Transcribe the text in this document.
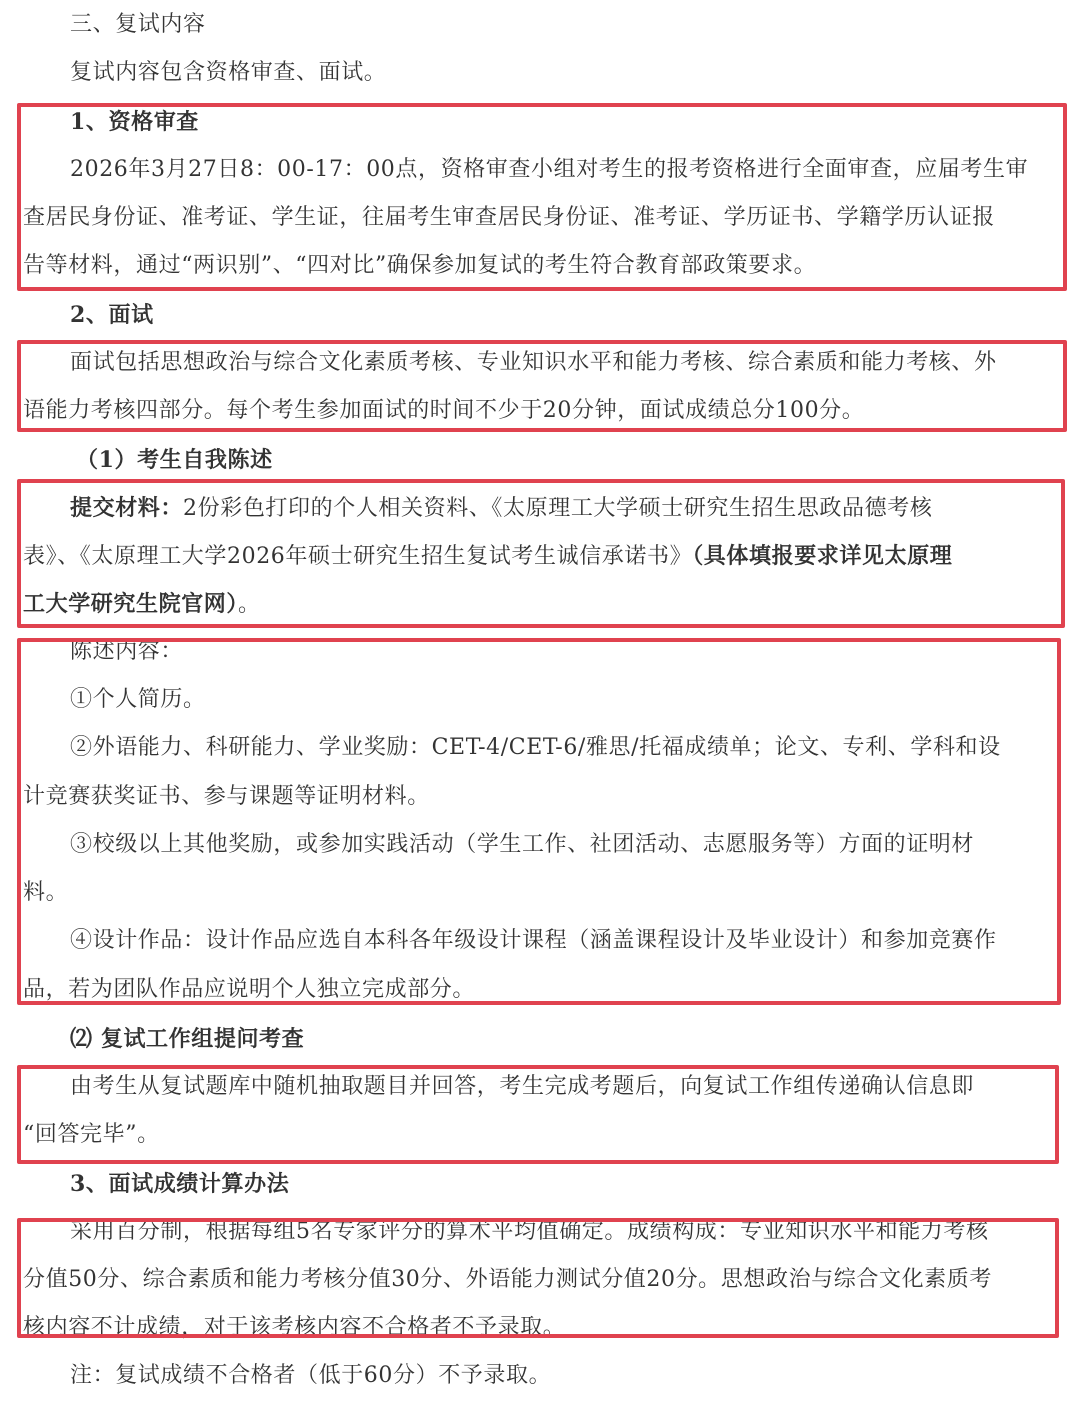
三、复试内容
复试内容包含资格审查、面试。
1、资格审查
2026年3月27日8：00-17：00点，资格审查小组对考生的报考资格进行全面审查，应届考生审
查居民身份证、准考证、学生证，往届考生审查居民身份证、准考证、学历证书、学籍学历认证报
告等材料，通过“两识别”、“四对比”确保参加复试的考生符合教育部政策要求。
2、面试
面试包括思想政治与综合文化素质考核、专业知识水平和能力考核、综合素质和能力考核、外
语能力考核四部分。每个考生参加面试的时间不少于20分钟，面试成绩总分100分。
（1）考生自我陈述
提交材料：2份彩色打印的个人相关资料、《太原理工大学硕士研究生招生思政品德考核
表》、《太原理工大学2026年硕士研究生招生复试考生诚信承诺书》（具体填报要求详见太原理
工大学研究生院官网）。
陈述内容：
①个人简历。
②外语能力、科研能力、学业奖励：CET-4/CET-6/雅思/托福成绩单；论文、专利、学科和设
计竞赛获奖证书、参与课题等证明材料。
③校级以上其他奖励，或参加实践活动（学生工作、社团活动、志愿服务等）方面的证明材
料。
④设计作品：设计作品应选自本科各年级设计课程（涵盖课程设计及毕业设计）和参加竞赛作
品，若为团队作品应说明个人独立完成部分。
⑵ 复试工作组提问考查
由考生从复试题库中随机抽取题目并回答，考生完成考题后，向复试工作组传递确认信息即
“回答完毕”。
3、面试成绩计算办法
采用百分制，根据每组5名专家评分的算术平均值确定。成绩构成：专业知识水平和能力考核
分值50分、综合素质和能力考核分值30分、外语能力测试分值20分。思想政治与综合文化素质考
核内容不计成绩，对于该考核内容不合格者不予录取。
注：复试成绩不合格者（低于60分）不予录取。
